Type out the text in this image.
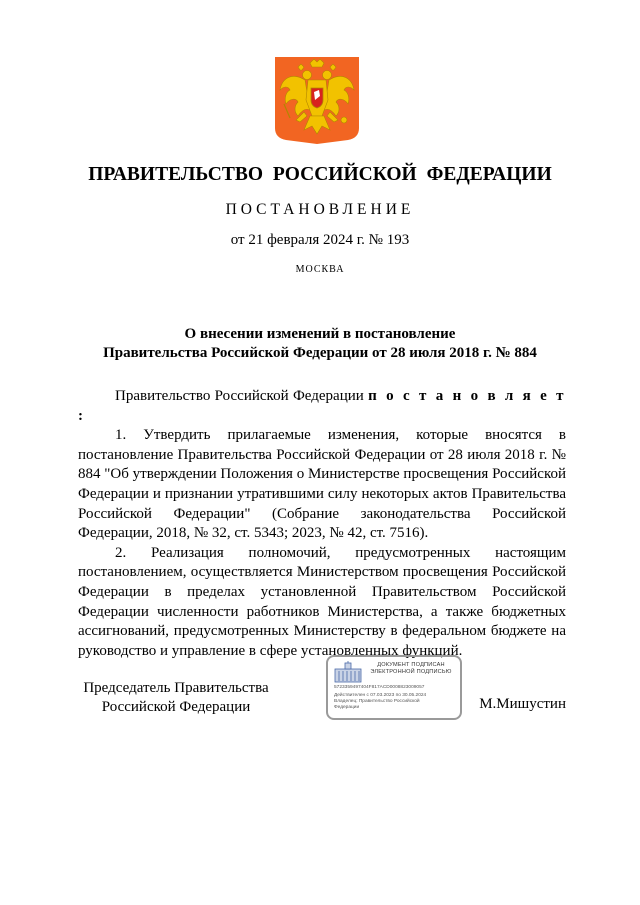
ПРАВИТЕЛЬСТВО РОССИЙСКОЙ ФЕДЕРАЦИИ
ПОСТАНОВЛЕНИЕ
от 21 февраля 2024 г. № 193
МОСКВА
О внесении изменений в постановление
Правительства Российской Федерации от 28 июля 2018 г. № 884

Правительство Российской Федерации п о с т а н о в л я е т :

1. Утвердить прилагаемые изменения, которые вносятся в постановление Правительства Российской Федерации от 28 июля 2018 г. № 884 "Об утверждении Положения о Министерстве просвещения Российской Федерации и признании утратившими силу некоторых актов Правительства Российской Федерации" (Собрание законодательства Российской Федерации, 2018, № 32, ст. 5343; 2023, № 42, ст. 7516).

2. Реализация полномочий, предусмотренных настоящим постановлением, осуществляется Министерством просвещения Российской Федерации в пределах установленной Правительством Российской Федерации численности работников Министерства, а также бюджетных ассигнований, предусмотренных Министерству в федеральном бюджете на руководство и управление в сфере установленных функций.

Председатель Правительства
Российской Федерации
ДОКУМЕНТ ПОДПИСАН
ЭЛЕКТРОННОЙ ПОДПИСЬЮ
5723359497404F817ACD0008823009057
Действителен с 07.03.2023 по 30.05.2024
Владелец: Правительство Российской
Федерации	М.Мишустин
